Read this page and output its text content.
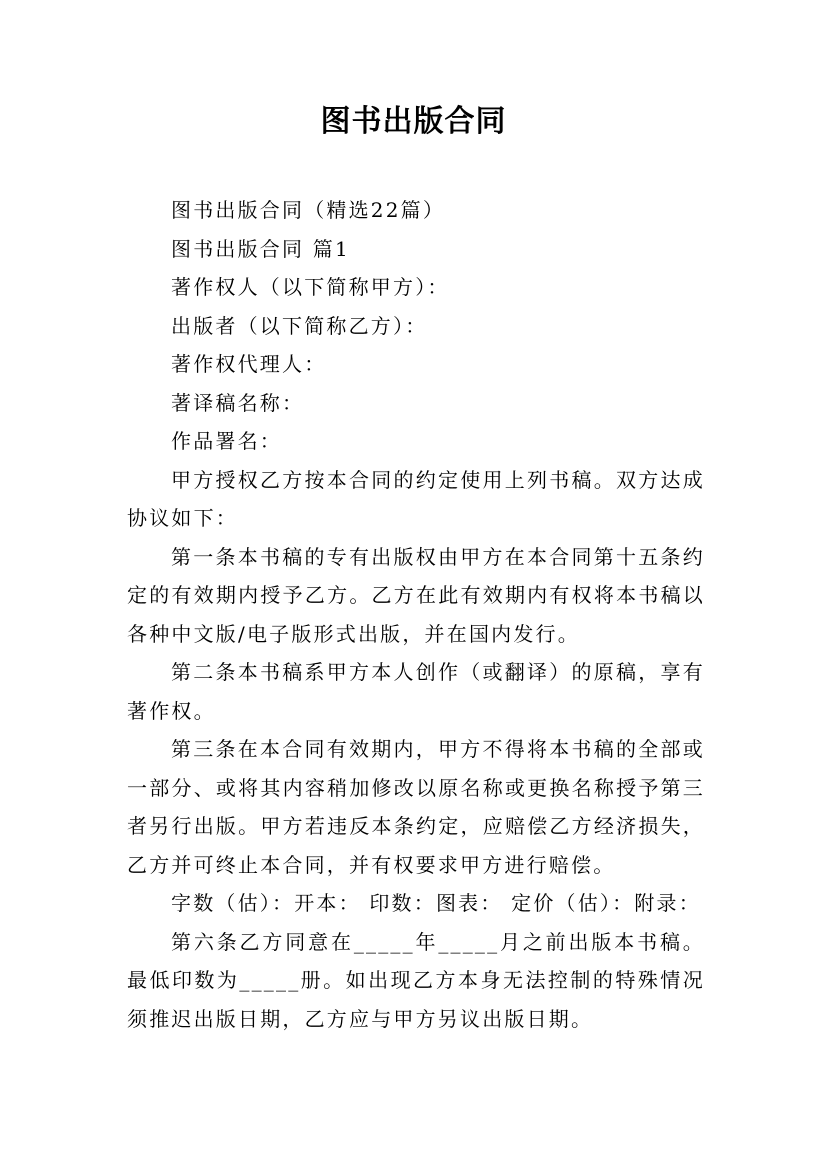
图书出版合同

图书出版合同（精选22篇）

图书出版合同 篇1

著作权人（以下简称甲方）：

出版者（以下简称乙方）：

著作权代理人：

著译稿名称：

作品署名：

甲方授权乙方按本合同的约定使用上列书稿。双方达成协议如下：

第一条本书稿的专有出版权由甲方在本合同第十五条约定的有效期内授予乙方。乙方在此有效期内有权将本书稿以各种中文版/电子版形式出版，并在国内发行。

第二条本书稿系甲方本人创作（或翻译）的原稿，享有著作权。

第三条在本合同有效期内，甲方不得将本书稿的全部或一部分、或将其内容稍加修改以原名称或更换名称授予第三者另行出版。甲方若违反本条约定，应赔偿乙方经济损失，乙方并可终止本合同，并有权要求甲方进行赔偿。

字数（估）：开本： 印数：图表： 定价（估）：附录：

第六条乙方同意在_____年_____月之前出版本书稿。最低印数为_____册。如出现乙方本身无法控制的特殊情况须推迟出版日期，乙方应与甲方另议出版日期。
